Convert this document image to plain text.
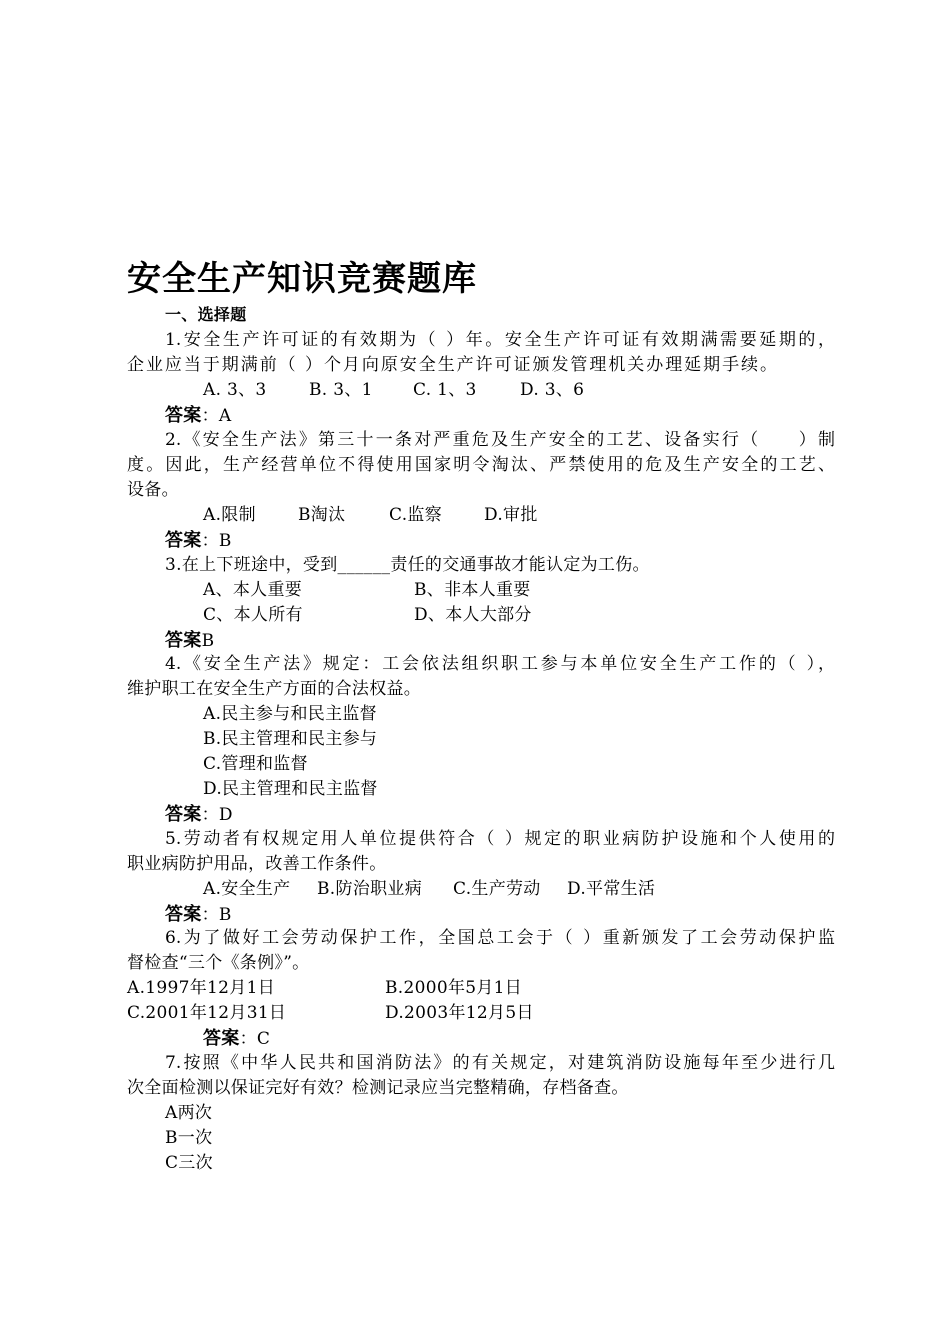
安全生产知识竞赛题库
一、选择题
1.安全生产许可证的有效期为（ ）年。安全生产许可证有效期满需要延期的，
企业应当于期满前（ ）个月向原安全生产许可证颁发管理机关办理延期手续。
A. 3、3 B. 3、1 C. 1、3	D. 3、6
答案：A
2.《安全生产法》第三十一条对严重危及生产安全的工艺、设备实行（　　）制
度。因此，生产经营单位不得使用国家明令淘汰、严禁使用的危及生产安全的工艺、
设备。
A.限制 B淘汰	C.监察 D.审批
答案：B
3.在上下班途中，受到______责任的交通事故才能认定为工伤。
A、本人重要	B、非本人重要
C、本人所有	D、本人大部分
答案B
4.《安全生产法》规定：工会依法组织职工参与本单位安全生产工作的（ ），
维护职工在安全生产方面的合法权益。
A.民主参与和民主监督
B.民主管理和民主参与
C.管理和监督
D.民主管理和民主监督
答案：D
5.劳动者有权规定用人单位提供符合（ ）规定的职业病防护设施和个人使用的
职业病防护用品，改善工作条件。
A.安全生产 B.防治职业病 C.生产劳动 D.平常生活
答案：B
6.为了做好工会劳动保护工作，全国总工会于（ ）重新颁发了工会劳动保护监
督检查“三个《条例》”。
A.1997年12月1日	B.2000年5月1日
C.2001年12月31日	D.2003年12月5日
答案：C
7.按照《中华人民共和国消防法》的有关规定，对建筑消防设施每年至少进行几
次全面检测以保证完好有效？检测记录应当完整精确，存档备查。
A两次
B一次
C三次
